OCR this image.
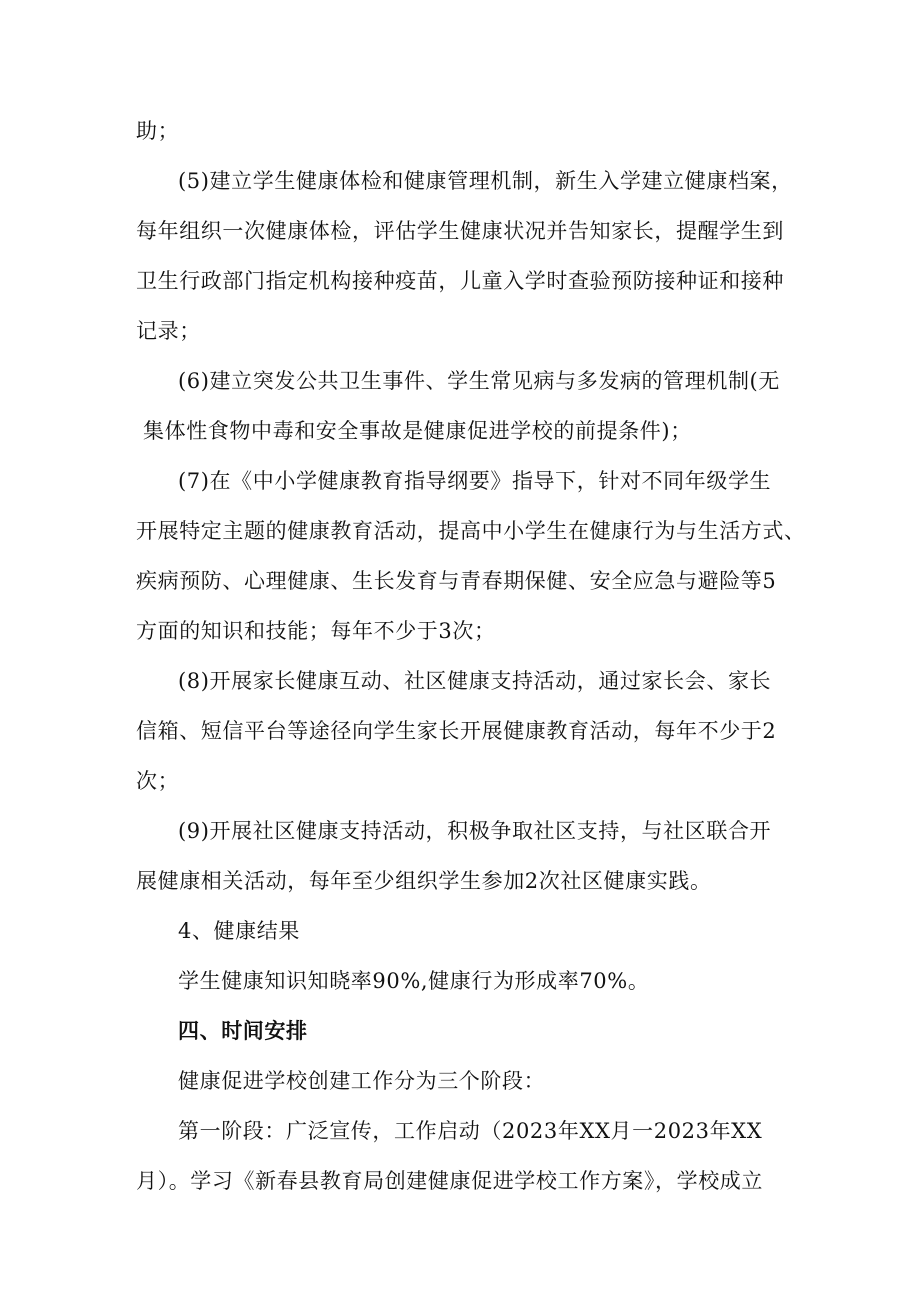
助；
(5)建立学生健康体检和健康管理机制，新生入学建立健康档案，
每年组织一次健康体检，评估学生健康状况并告知家长，提醒学生到
卫生行政部门指定机构接种疫苗，儿童入学时查验预防接种证和接种
记录；
(6)建立突发公共卫生事件、学生常见病与多发病的管理机制(无
集体性食物中毒和安全事故是健康促进学校的前提条件)；
(7)在《中小学健康教育指导纲要》指导下，针对不同年级学生
开展特定主题的健康教育活动，提高中小学生在健康行为与生活方式、
疾病预防、心理健康、生长发育与青春期保健、安全应急与避险等5
方面的知识和技能；每年不少于3次；
(8)开展家长健康互动、社区健康支持活动，通过家长会、家长
信箱、短信平台等途径向学生家长开展健康教育活动，每年不少于2
次；
(9)开展社区健康支持活动，积极争取社区支持，与社区联合开
展健康相关活动，每年至少组织学生参加2次社区健康实践。
4、健康结果
学生健康知识知晓率90%,健康行为形成率70%。
四、时间安排
健康促进学校创建工作分为三个阶段：
第一阶段：广泛宣传，工作启动（2023年XX月一2023年XX
月）。学习《新春县教育局创建健康促进学校工作方案》，学校成立
